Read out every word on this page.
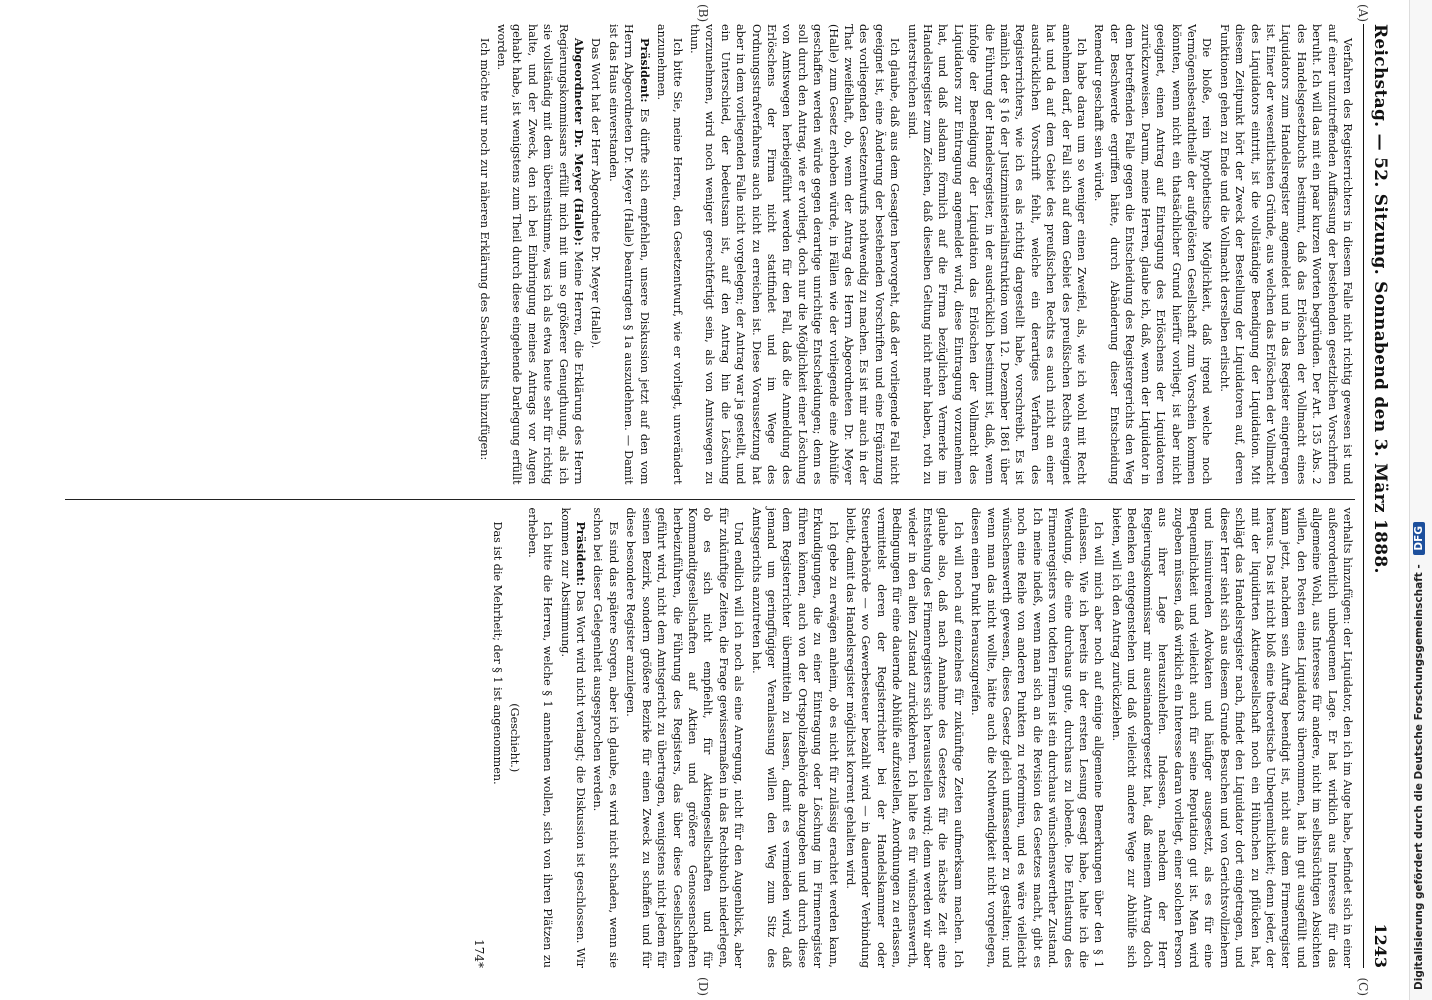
Reichstag. — 52. Sitzung. Sonnabend den 3. März 1888.
1243

Verfahren des Registerrichters in diesem Falle nicht richtig gewesen ist und auf einer unzutreffenden Auffassung der bestehenden gesetzlichen Vorschriften beruht. Ich will das mit ein paar kurzen Worten begründen. Der Art. 135 Abs. 2 des Handelsgesetzbuchs bestimmt, daß das Erlöschen der Vollmacht eines Liquidators zum Handelsregister angemeldet und in das Register eingetragen ist. Einer der wesentlichsten Gründe, aus welchen das Erlöschen der Vollmacht des Liquidators eintritt, ist die vollständige Beendigung der Liquidation. Mit diesem Zeitpunkt hört der Zweck der Bestellung der Liquidatoren auf, deren Funktionen gehen zu Ende und die Vollmacht derselben erlischt.

Die bloße, rein hypothetische Möglichkeit, daß irgend welche noch Vermögensbestandtheile der aufgelösten Gesellschaft zum Vorschein kommen könnten, wenn nicht ein thatsächlicher Grund hierfür vorliegt, ist aber nicht geeignet, einen Antrag auf Eintragung des Erlöschens der Liquidatoren zurückzuweisen. Darum, meine Herren, glaube ich, daß, wenn der Liquidator in dem betreffenden Falle gegen die Entscheidung des Registergerichts den Weg der Beschwerde ergriffen hätte, durch Abänderung dieser Entscheidung Remedur geschafft sein würde.

Ich habe daran um so weniger einen Zweifel, als, wie ich wohl mit Recht annehmen darf, der Fall sich auf dem Gebiet des preußischen Rechts ereignet hat und da auf dem Gebiet des preußischen Rechts es auch nicht an einer ausdrücklichen Vorschrift fehlt, welche ein derartiges Verfahren des Registerrichters, wie ich es als richtig dargestellt habe, vorschreibt. Es ist nämlich der § 16 der Justizministerialinstruktion vom 12. Dezember 1861 über die Führung der Handelsregister, in der ausdrücklich bestimmt ist, daß, wenn infolge der Beendigung der Liquidation das Erlöschen der Vollmacht des Liquidators zur Eintragung angemeldet wird, diese Eintragung vorzunehmen hat, und daß alsdann förmlich auf die Firma bezüglichen Vermerke im Handelsregister zum Zeichen, daß dieselben Geltung nicht mehr haben, roth zu unterstreichen sind.

Ich glaube, daß aus dem Gesagten hervorgeht, daß der vorliegende Fall nicht geeignet ist, eine Änderung der bestehenden Vorschriften und eine Ergänzung des vorliegenden Gesetzentwurfs nothwendig zu machen. Es ist mir auch in der That zweifelhaft, ob, wenn der Antrag des Herrn Abgeordneten Dr. Meyer (Halle) zum Gesetz erhoben würde, in Fällen wie der vorliegende eine Abhülfe geschaffen werden würde gegen derartige unrichtige Entscheidungen; denn es soll durch den Antrag, wie er vorliegt, doch nur die Möglichkeit einer Löschung von Amtswegen herbeigeführt werden für den Fall, daß die Anmeldung des Erlöschens der Firma nicht stattfindet und im Wege des Ordnungsstrafverfahrens auch nicht zu erreichen ist. Diese Voraussetzung hat aber in dem vorliegenden Falle nicht vorgelegen; der Antrag war ja gestellt, und ein Unterschied, der bedeutsam ist, auf den Antrag hin die Löschung vorzunehmen, wird noch weniger gerechtfertigt sein, als von Amtswegen zu thun.

Ich bitte Sie, meine Herren, den Gesetzentwurf, wie er vorliegt, unverändert anzunehmen.

Präsident: Es dürfte sich empfehlen, unsere Diskussion jetzt auf den vom Herrn Abgeordneten Dr. Meyer (Halle) beantragten § 1a auszudehnen. — Damit ist das Haus einverstanden.

Das Wort hat der Herr Abgeordnete Dr. Meyer (Halle).

Abgeordneter Dr. Meyer (Halle): Meine Herren, die Erklärung des Herrn Regierungskommissars erfüllt mich mit um so größerer Genugthuung, als ich sie vollständig mit dem übereinstimme, was ich als etwa heute sehr für richtig halte, und der Zweck, den ich bei Einbringung meines Antrags vor Augen gehabt habe, ist wenigstens zum Theil durch diese eingehende Darlegung erfüllt worden.

Ich möchte nur noch zur näheren Erklärung des Sachverhalts hinzufügen:

verhalts hinzufügen: der Liquidator, den ich im Auge habe, befindet sich in einer außerordentlich unbequemen Lage. Er hat wirklich aus Interesse für das allgemeine Wohl, aus Interesse für andere, nicht im selbstsüchtigen Absichten willen, den Posten eines Liquidators übernommen, hat ihn gut ausgefüllt und kann jetzt, nachdem sein Auftrag beendigt ist, nicht aus dem Firmenregister heraus. Das ist nicht bloß eine theoretische Unbequemlichkeit; denn jeder, der mit der liquidirten Aktiengesellschaft noch ein Hühnchen zu pflücken hat, schlägt das Handelsregister nach, findet den Liquidator dort eingetragen, und dieser Herr sieht sich aus diesem Grunde Besuchen und von Gerichtsvollziehern und insinuirenden Advokaten und häufiger ausgesetzt, als es für eine Bequemlichkeit und vielleicht auch für seine Reputation gut ist. Man wird zugeben müssen, daß wirklich ein Interesse daran vorliegt, einer solchen Person aus ihrer Lage herauszuhelfen. Indessen, nachdem der Herr Regierungskommissar mir auseinandergesetzt hat, daß meinem Antrag doch Bedenken entgegenstehen und daß vielleicht andere Wege zur Abhülfe sich bieten, will ich den Antrag zurückziehen.

Ich will mich aber noch auf einige allgemeine Bemerkungen über den § 1 einlassen. Wie ich bereits in der ersten Lesung gesagt habe, halte ich die Wendung, die eine durchaus gute, durchaus zu lobende. Die Entlastung des Firmenregisters von todten Firmen ist ein durchaus wünschenswerther Zustand. Ich meine indeß, wenn man sich an die Revision des Gesetzes macht, gibt es noch eine Reihe von anderen Punkten zu reformiren, und es wäre vielleicht wünschenswerth gewesen, dieses Gesetz gleich umfassender zu gestalten; und wenn man das nicht wollte, hätte auch die Nothwendigkeit nicht vorgelegen, diesen einen Punkt herauszugreifen.

Ich will noch auf einzelnes für zukünftige Zeiten aufmerksam machen. Ich glaube also, daß nach Annahme des Gesetzes für die nächste Zeit eine Entstehung des Firmenregisters sich herausstellen wird; denn werden wir aber wieder in den alten Zustand zurückkehren. Ich halte es für wünschenswerth, Bedingungen für eine dauernde Abhülfe aufzustellen, Anordnungen zu erlassen, vermittelst deren der Registerrichter bei der Handelskammer oder Steuerbehörde — wo Gewerbesteuer bezahlt wird — in dauernder Verbindung bleibt, damit das Handelsregister möglichst korrent gehalten wird.

Ich gebe zu erwägen anheim, ob es nicht für zulässig erachtet werden kann, Erkundigungen, die zu einer Eintragung oder Löschung im Firmenregister führen können, auch von der Ortspolizeibehörde abzugeben und durch diese dem Registerrichter übermitteln zu lassen, damit es vermieden wird, daß jemand um geringfügiger Veranlassung willen den Weg zum Sitz des Amtsgerichts anzutreten hat.

Und endlich will ich noch als eine Anregung, nicht für den Augenblick, aber für zukünftige Zeiten, die Frage gewissermaßen in das Rechtsbuch niederlegen, ob es sich nicht empfiehlt, für Aktiengesellschaften und für Kommanditgesellschaften auf Aktien und größere Genossenschaften herbeizuführen, die Führung des Registers, das über diese Gesellschaften geführt wird, nicht dem Amtsgericht zu übertragen, wenigstens nicht jedem für seinen Bezirk, sondern größere Bezirke für einen Zweck zu schaffen und für diese besondere Register anzulegen.

Es sind das spätere Sorgen, aber ich glaube, es wird nicht schaden, wenn sie schon bei dieser Gelegenheit ausgesprochen werden.

Präsident: Das Wort wird nicht verlangt; die Diskussion ist geschlossen. Wir kommen zur Abstimmung.

Ich bitte die Herren, welche § 1 annehmen wollen, sich von ihren Plätzen zu erheben.

(Geschieht.)

Das ist die Mehrheit; der § 1 ist angenommen.

174*
(A)
(B)
(C)
(D)	Digitalisierung gefördert durch die Deutsche Forschungsgemeinschaft - DFG
